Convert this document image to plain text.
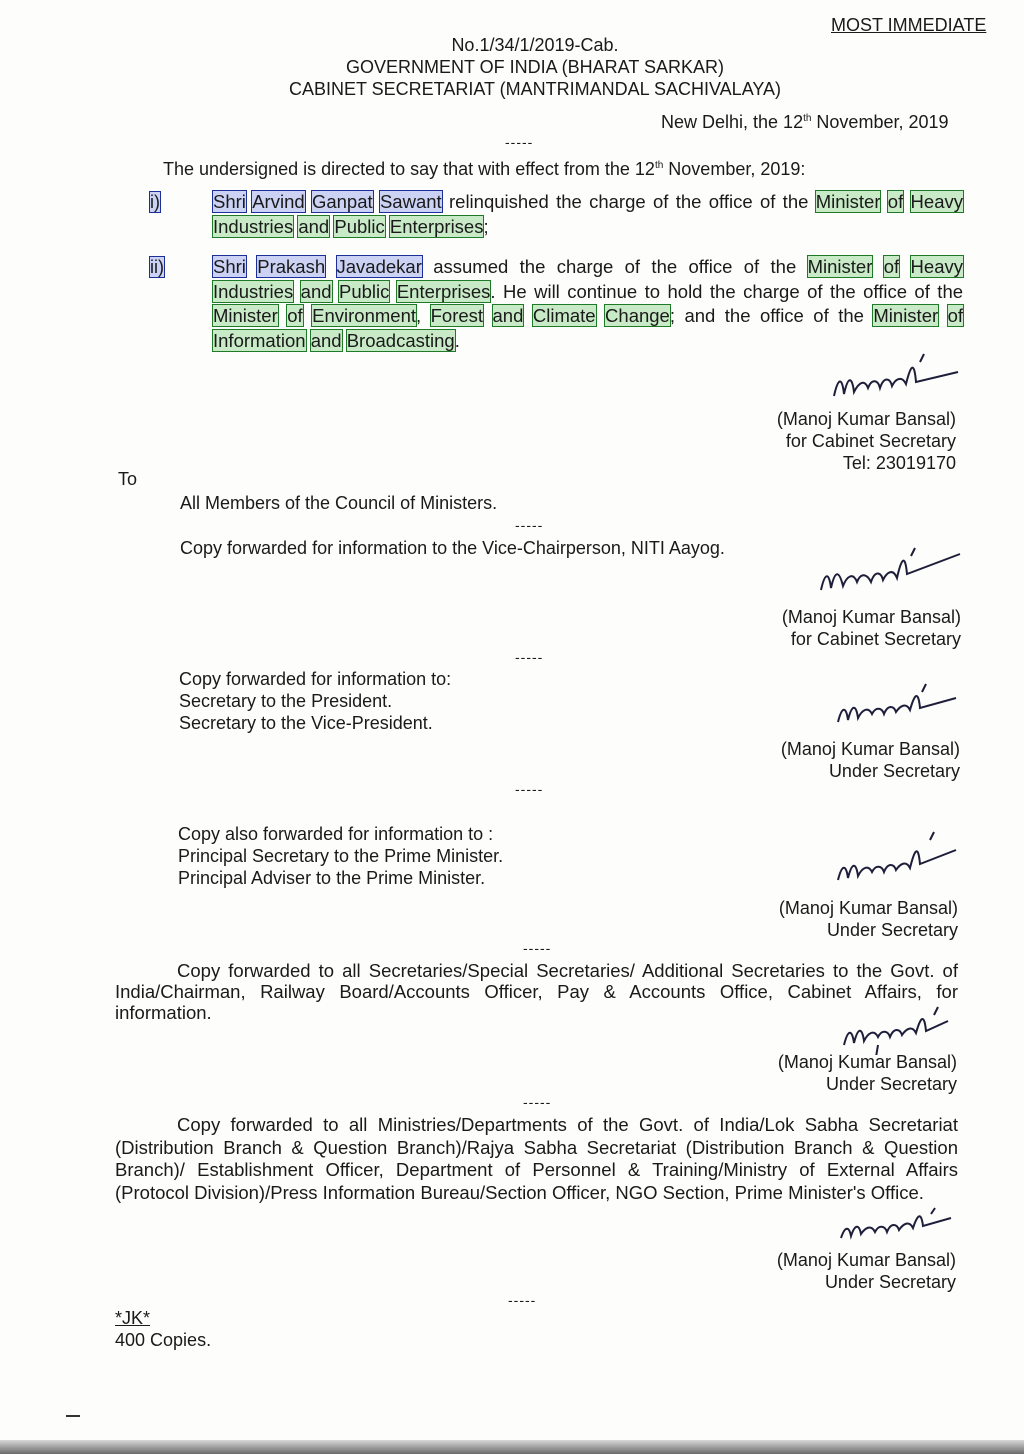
MOST IMMEDIATE
No.1/34/1/2019-Cab.
GOVERNMENT OF INDIA (BHARAT SARKAR)
CABINET SECRETARIAT (MANTRIMANDAL SACHIVALAYA)
New Delhi, the 12th November, 2019
-----
The undersigned is directed to say that with effect from the 12th November, 2019:
i)	Shri Arvind Ganpat Sawant relinquished the charge of the office of the Minister of Heavy Industries and Public Enterprises;
ii)	Shri Prakash Javadekar assumed the charge of the office of the Minister of Heavy Industries and Public Enterprises. He will continue to hold the charge of the office of the Minister of Environment, Forest and Climate Change; and the office of the Minister of Information and Broadcasting.
(Manoj Kumar Bansal)
for Cabinet Secretary
Tel: 23019170
To
All Members of the Council of Ministers.
-----
Copy forwarded for information to the Vice-Chairperson, NITI Aayog.
(Manoj Kumar Bansal)
for Cabinet Secretary
-----
Copy forwarded for information to:
Secretary to the President.
Secretary to the Vice-President.
(Manoj Kumar Bansal)
Under Secretary
-----
Copy also forwarded for information to :
Principal Secretary to the Prime Minister.
Principal Adviser to the Prime Minister.
(Manoj Kumar Bansal)
Under Secretary
-----
Copy forwarded to all Secretaries/Special Secretaries/ Additional Secretaries to the Govt. of India/Chairman, Railway Board/Accounts Officer, Pay & Accounts Office, Cabinet Affairs, for information.
(Manoj Kumar Bansal)
Under Secretary
-----
Copy forwarded to all Ministries/Departments of the Govt. of India/Lok Sabha Secretariat (Distribution Branch & Question Branch)/Rajya Sabha Secretariat (Distribution Branch & Question Branch)/ Establishment Officer, Department of Personnel & Training/Ministry of External Affairs (Protocol Division)/Press Information Bureau/Section Officer, NGO Section, Prime Minister's Office.
(Manoj Kumar Bansal)
Under Secretary
-----
*JK*
400 Copies.
